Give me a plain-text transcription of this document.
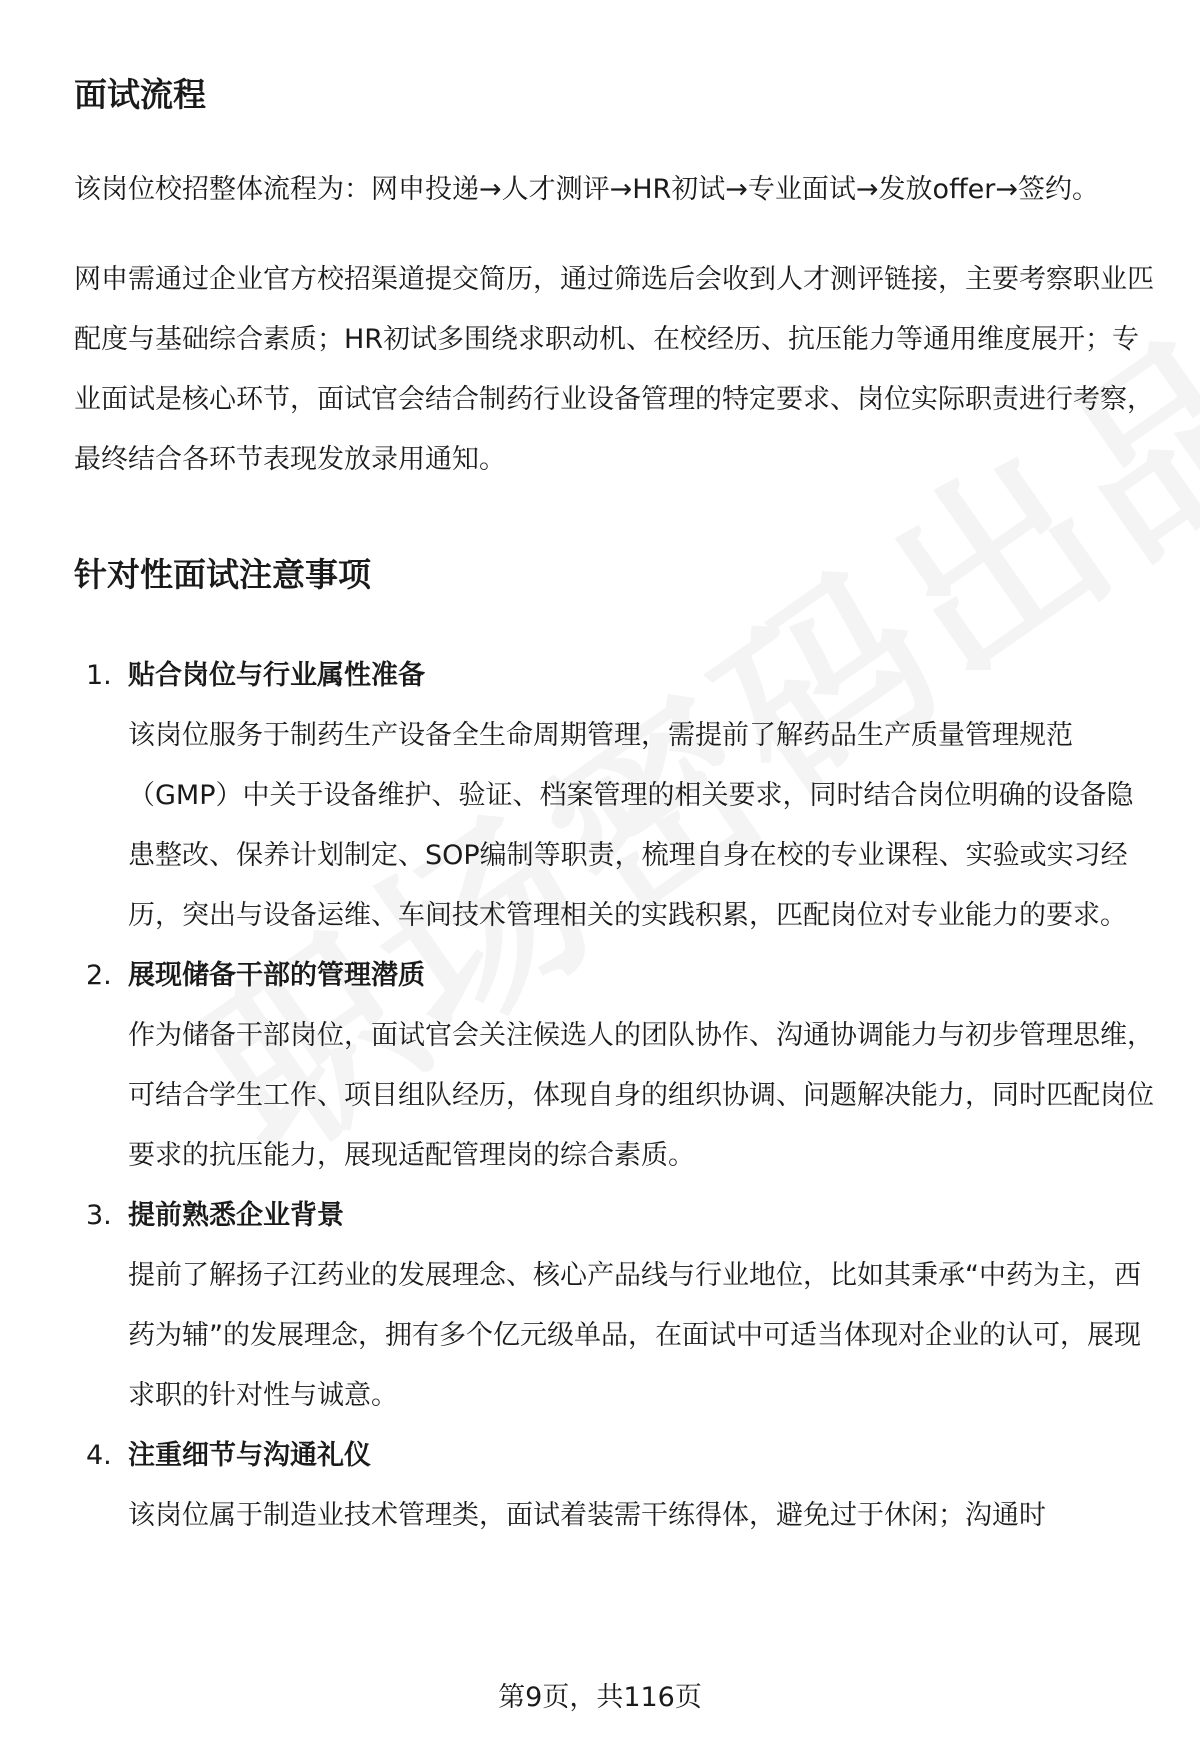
面试流程

该岗位校招整体流程为：网申投递→人才测评→HR初试→专业面试→发放offer→签约。

网申需通过企业官方校招渠道提交简历，通过筛选后会收到人才测评链接，主要考察职业匹配度与基础综合素质；HR初试多围绕求职动机、在校经历、抗压能力等通用维度展开；专业面试是核心环节，面试官会结合制药行业设备管理的特定要求、岗位实际职责进行考察，最终结合各环节表现发放录用通知。

针对性面试注意事项
1. 贴合岗位与行业属性准备

该岗位服务于制药生产设备全生命周期管理，需提前了解药品生产质量管理规范（GMP）中关于设备维护、验证、档案管理的相关要求，同时结合岗位明确的设备隐患整改、保养计划制定、SOP编制等职责，梳理自身在校的专业课程、实验或实习经历，突出与设备运维、车间技术管理相关的实践积累，匹配岗位对专业能力的要求。

2. 展现储备干部的管理潜质

作为储备干部岗位，面试官会关注候选人的团队协作、沟通协调能力与初步管理思维，可结合学生工作、项目组队经历，体现自身的组织协调、问题解决能力，同时匹配岗位要求的抗压能力，展现适配管理岗的综合素质。

3. 提前熟悉企业背景

提前了解扬子江药业的发展理念、核心产品线与行业地位，比如其秉承“中药为主，西药为辅”的发展理念，拥有多个亿元级单品，在面试中可适当体现对企业的认可，展现求职的针对性与诚意。

4. 注重细节与沟通礼仪

该岗位属于制造业技术管理类，面试着装需干练得体，避免过于休闲；沟通时

第9页，共116页
